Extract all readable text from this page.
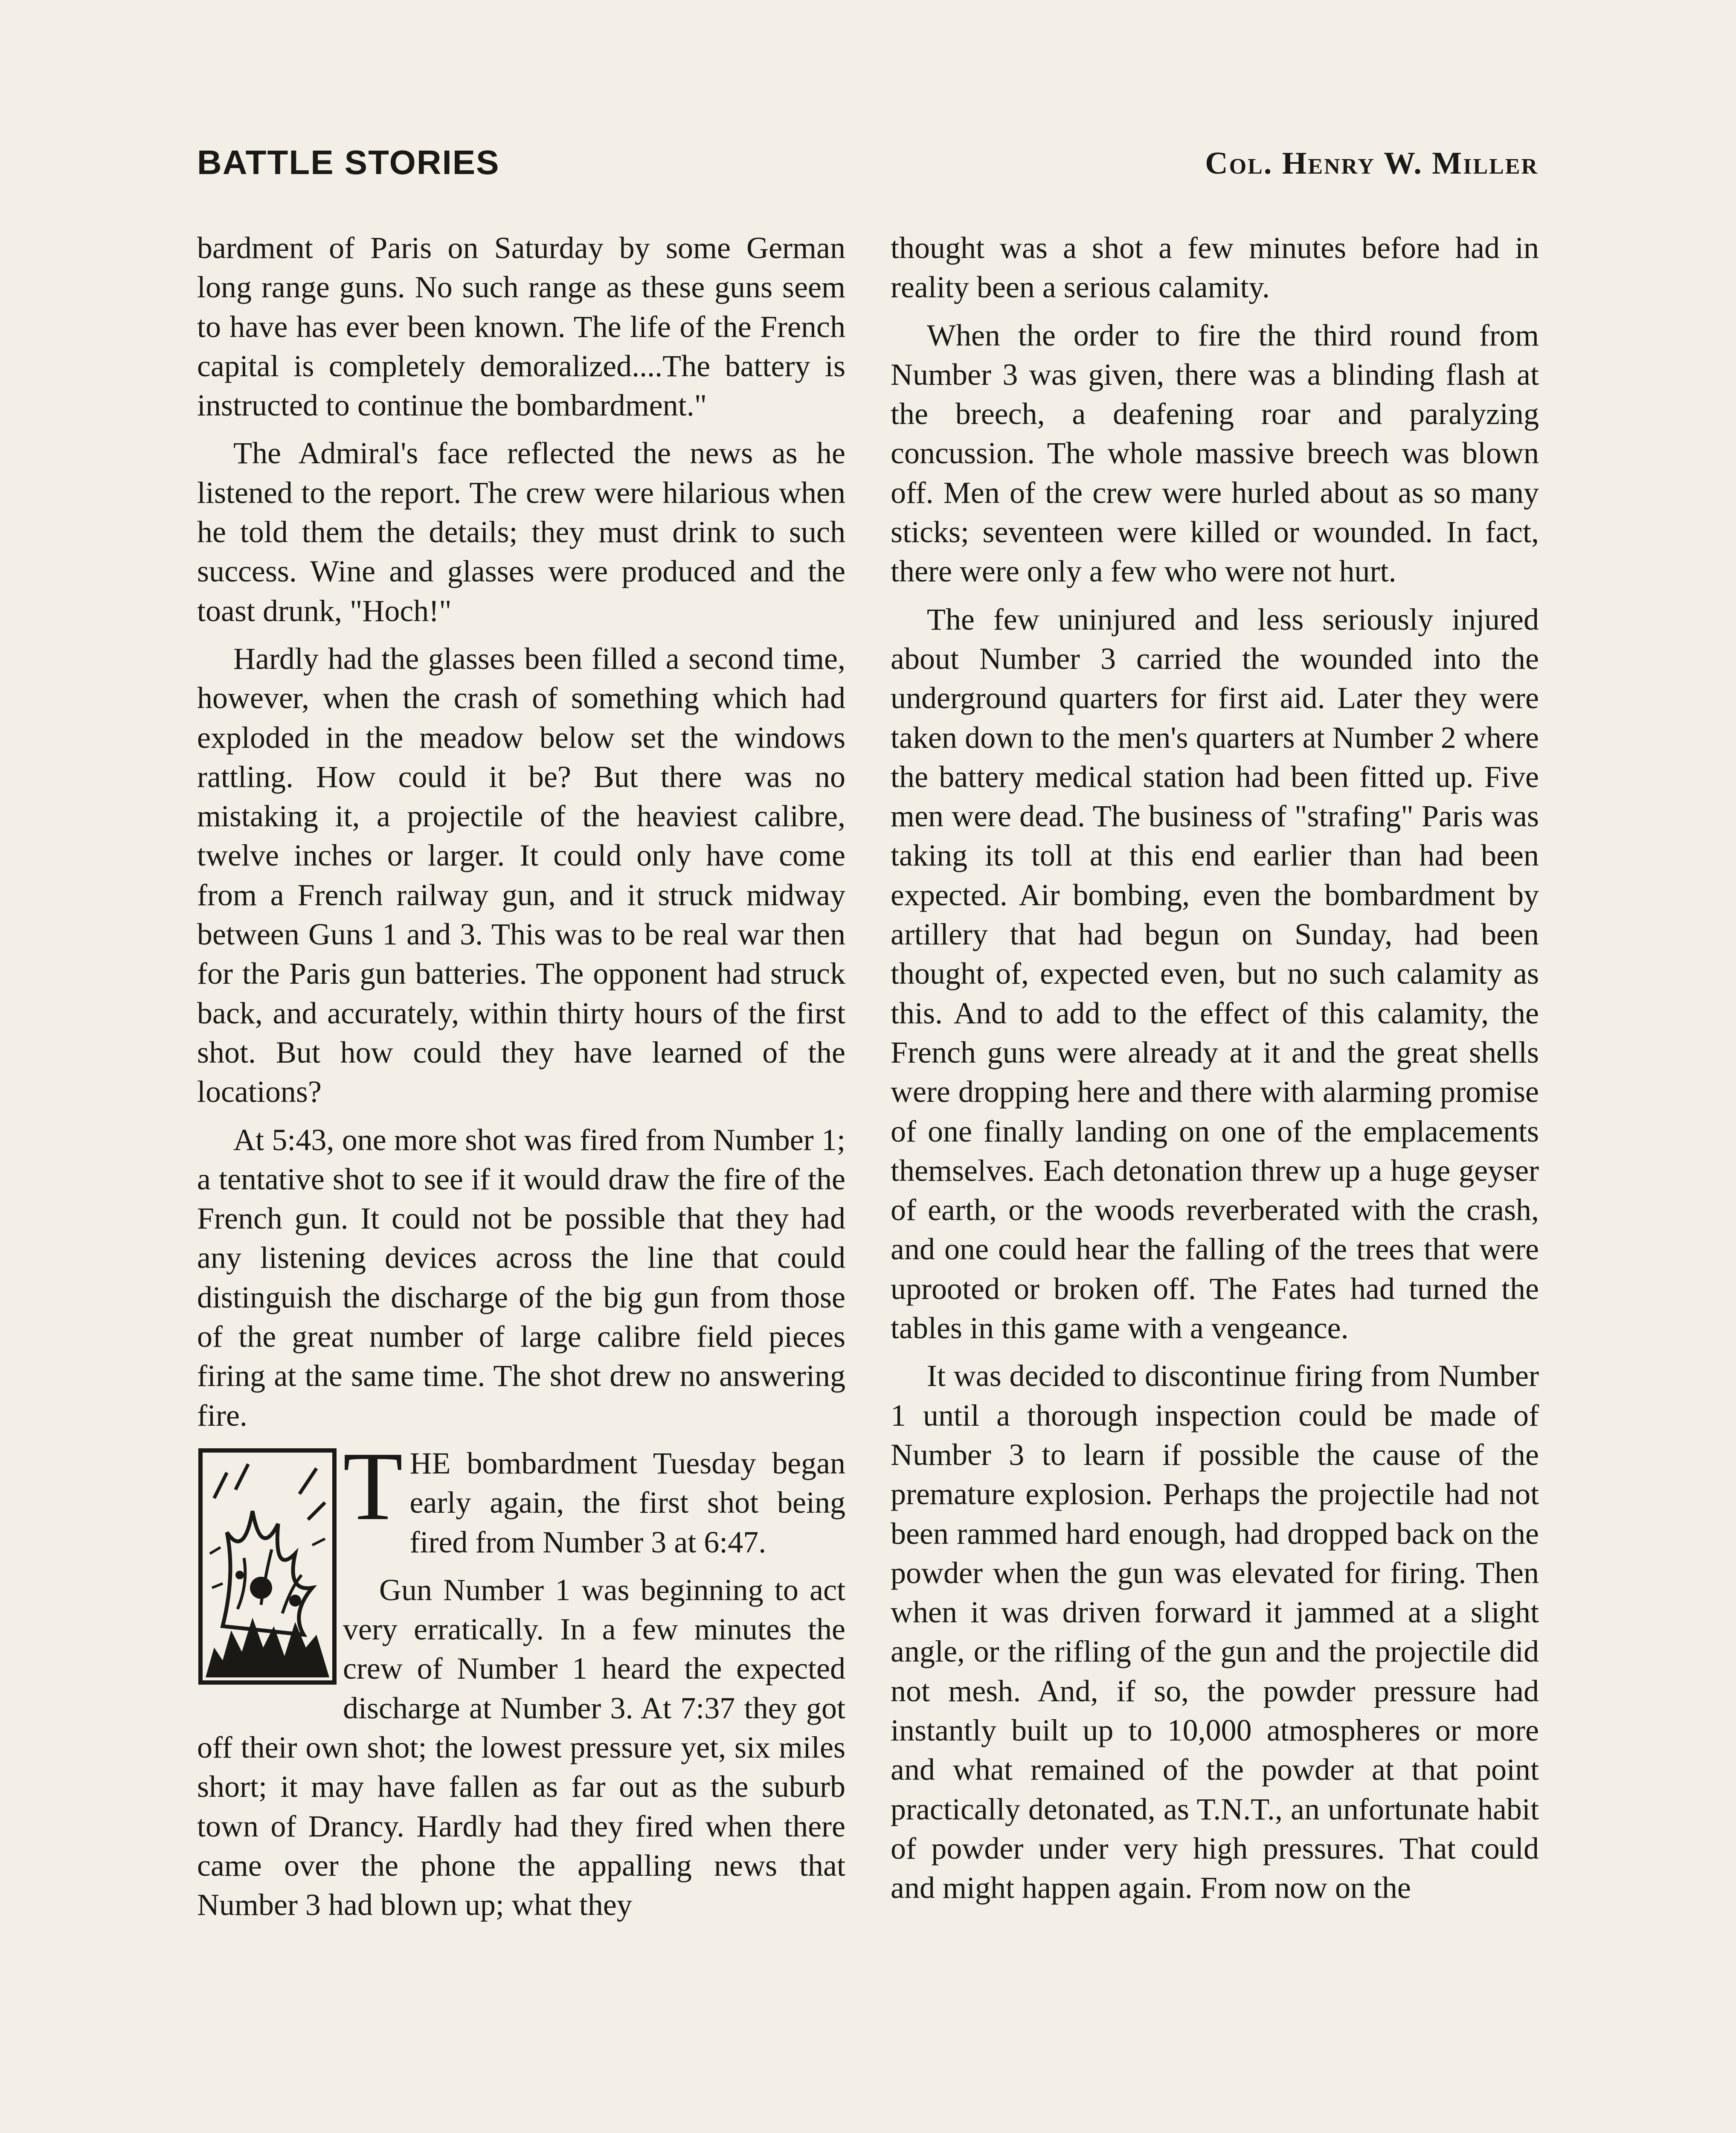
BATTLE STORIES	Col. Henry W. Miller

bardment of Paris on Saturday by some German long range guns. No such range as these guns seem to have has ever been known. The life of the French capital is completely demoralized....The battery is instructed to continue the bombardment."

The Admiral's face reflected the news as he listened to the report. The crew were hilarious when he told them the details; they must drink to such success. Wine and glasses were produced and the toast drunk, "Hoch!"

Hardly had the glasses been filled a second time, however, when the crash of something which had exploded in the meadow below set the windows rattling. How could it be? But there was no mistaking it, a projectile of the heaviest calibre, twelve inches or larger. It could only have come from a French railway gun, and it struck midway between Guns 1 and 3. This was to be real war then for the Paris gun batteries. The opponent had struck back, and accurately, within thirty hours of the first shot. But how could they have learned of the locations?

At 5:43, one more shot was fired from Number 1; a tentative shot to see if it would draw the fire of the French gun. It could not be possible that they had any listening devices across the line that could distinguish the discharge of the big gun from those of the great number of large calibre field pieces firing at the same time. The shot drew no answering fire.

THE bombardment Tuesday began early again, the first shot being fired from Number 3 at 6:47.

Gun Number 1 was beginning to act very erratically. In a few minutes the crew of Number 1 heard the expected discharge at Number 3. At 7:37 they got off their own shot; the lowest pressure yet, six miles short; it may have fallen as far out as the suburb town of Drancy. Hardly had they fired when there came over the phone the appalling news that Number 3 had blown up; what they

thought was a shot a few minutes before had in reality been a serious calamity.

When the order to fire the third round from Number 3 was given, there was a blinding flash at the breech, a deafening roar and paralyzing concussion. The whole massive breech was blown off. Men of the crew were hurled about as so many sticks; seventeen were killed or wounded. In fact, there were only a few who were not hurt.

The few uninjured and less seriously injured about Number 3 carried the wounded into the underground quarters for first aid. Later they were taken down to the men's quarters at Number 2 where the battery medical station had been fitted up. Five men were dead. The business of "strafing" Paris was taking its toll at this end earlier than had been expected. Air bombing, even the bombardment by artillery that had begun on Sunday, had been thought of, expected even, but no such calamity as this. And to add to the effect of this calamity, the French guns were already at it and the great shells were dropping here and there with alarming promise of one finally landing on one of the emplacements themselves. Each detonation threw up a huge geyser of earth, or the woods reverberated with the crash, and one could hear the falling of the trees that were uprooted or broken off. The Fates had turned the tables in this game with a vengeance.

It was decided to discontinue firing from Number 1 until a thorough inspection could be made of Number 3 to learn if possible the cause of the premature explosion. Perhaps the projectile had not been rammed hard enough, had dropped back on the powder when the gun was elevated for firing. Then when it was driven forward it jammed at a slight angle, or the rifling of the gun and the projectile did not mesh. And, if so, the powder pressure had instantly built up to 10,000 atmospheres or more and what remained of the powder at that point practically detonated, as T.N.T., an unfortunate habit of powder under very high pressures. That could and might happen again. From now on the
